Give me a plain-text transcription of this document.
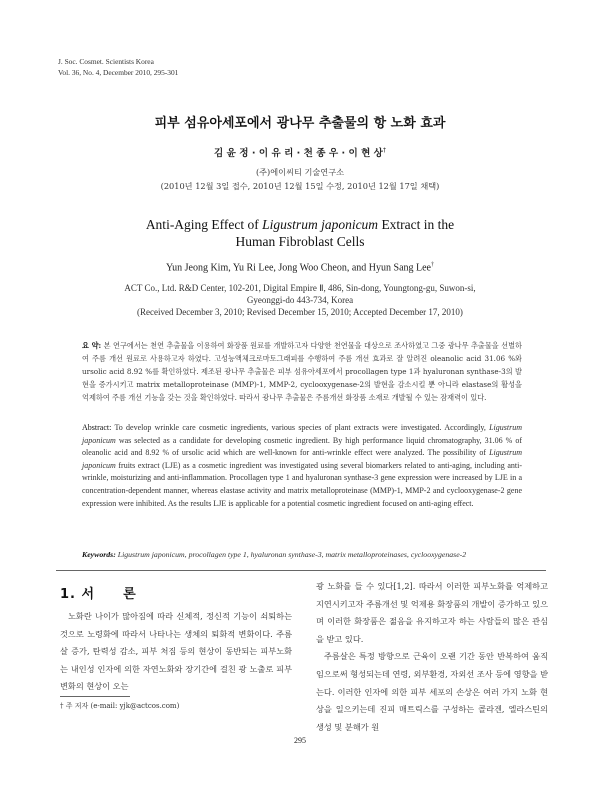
J. Soc. Cosmet. Scientists Korea
Vol. 36, No. 4, December 2010, 295-301
피부 섬유아세포에서 광나무 추출물의 항 노화 효과
김 윤 정 · 이 유 리 · 천 종 우 · 이 현 상†
(주)에이씨티 기술연구소
(2010년 12월 3일 접수, 2010년 12월 15일 수정, 2010년 12월 17일 채택)
Anti-Aging Effect of Ligustrum japonicum Extract in the
Human Fibroblast Cells
Yun Jeong Kim, Yu Ri Lee, Jong Woo Cheon, and Hyun Sang Lee†
ACT Co., Ltd. R&D Center, 102-201, Digital Empire Ⅱ, 486, Sin-dong, Youngtong-gu, Suwon-si,
Gyeonggi-do 443-734, Korea
(Received December 3, 2010; Revised December 15, 2010; Accepted December 17, 2010)
요 약: 본 연구에서는 천연 추출물을 이용하여 화장품 원료를 개발하고자 다양한 천연물을 대상으로 조사하였고 그중 광나무 추출물을 선별하여 주름 개선 원료로 사용하고자 하였다. 고성능액체크로마토그래피를 수행하여 주름 개선 효과로 잘 알려진 oleanolic acid 31.06 %와 ursolic acid 8.92 %를 확인하였다. 제조된 광나무 추출물은 피부 섬유아세포에서 procollagen type 1과 hyaluronan synthase-3의 발현을 증가시키고 matrix metalloproteinase (MMP)-1, MMP-2, cyclooxygenase-2의 발현을 감소시킬 뿐 아니라 elastase의 활성을 억제하여 주름 개선 기능을 갖는 것을 확인하였다. 따라서 광나무 추출물은 주름개선 화장품 소재로 개발될 수 있는 잠재력이 있다.
Abstract: To develop wrinkle care cosmetic ingredients, various species of plant extracts were investigated. Accordingly, Ligustrum japonicum was selected as a candidate for developing cosmetic ingredient. By high performance liquid chromatography, 31.06 % of oleanolic acid and 8.92 % of ursolic acid which are well-known for anti-wrinkle effect were analyzed. The possibility of Ligustrum japonicum fruits extract (LJE) as a cosmetic ingredient was investigated using several biomarkers related to anti-aging, including anti-wrinkle, moisturizing and anti-inflammation. Procollagen type 1 and hyaluronan synthase-3 gene expression were increased by LJE in a concentration-dependent manner, whereas elastase activity and matrix metalloproteinase (MMP)-1, MMP-2 and cyclooxygenase-2 gene expression were inhibited. As the results LJE is applicable for a potential cosmetic ingredient focused on anti-aging effect.
Keywords: Ligustrum japonicum, procollagen type 1, hyaluronan synthase-3, matrix metalloproteinases, cyclooxygenase-2
1. 서　　론
노화란 나이가 많아짐에 따라 신체적, 정신적 기능이 쇠퇴하는 것으로 노령화에 따라서 나타나는 생체의 퇴화적 변화이다. 주름살 증가, 탄력성 감소, 피부 처짐 등의 현상이 동반되는 피부노화는 내인성 인자에 의한 자연노화와 장기간에 걸친 광 노출로 피부 변화의 현상이 오는

광 노화를 들 수 있다[1,2]. 따라서 이러한 피부노화를 억제하고 지연시키고자 주름개선 및 억제용 화장품의 개발이 증가하고 있으며 이러한 화장품은 젊음을 유지하고자 하는 사람들의 많은 관심을 받고 있다.

주름살은 특정 방향으로 근육이 오랜 기간 동안 반복하여 움직임으로써 형성되는데 연령, 외부환경, 자외선 조사 등에 영향을 받는다. 이러한 인자에 의한 피부 세포의 손상은 여러 가지 노화 현상을 일으키는데 진피 매트릭스를 구성하는 콜라겐, 엘라스틴의 생성 및 분해가 원

† 주 저자 (e-mail: yjk@actcos.com)
295
